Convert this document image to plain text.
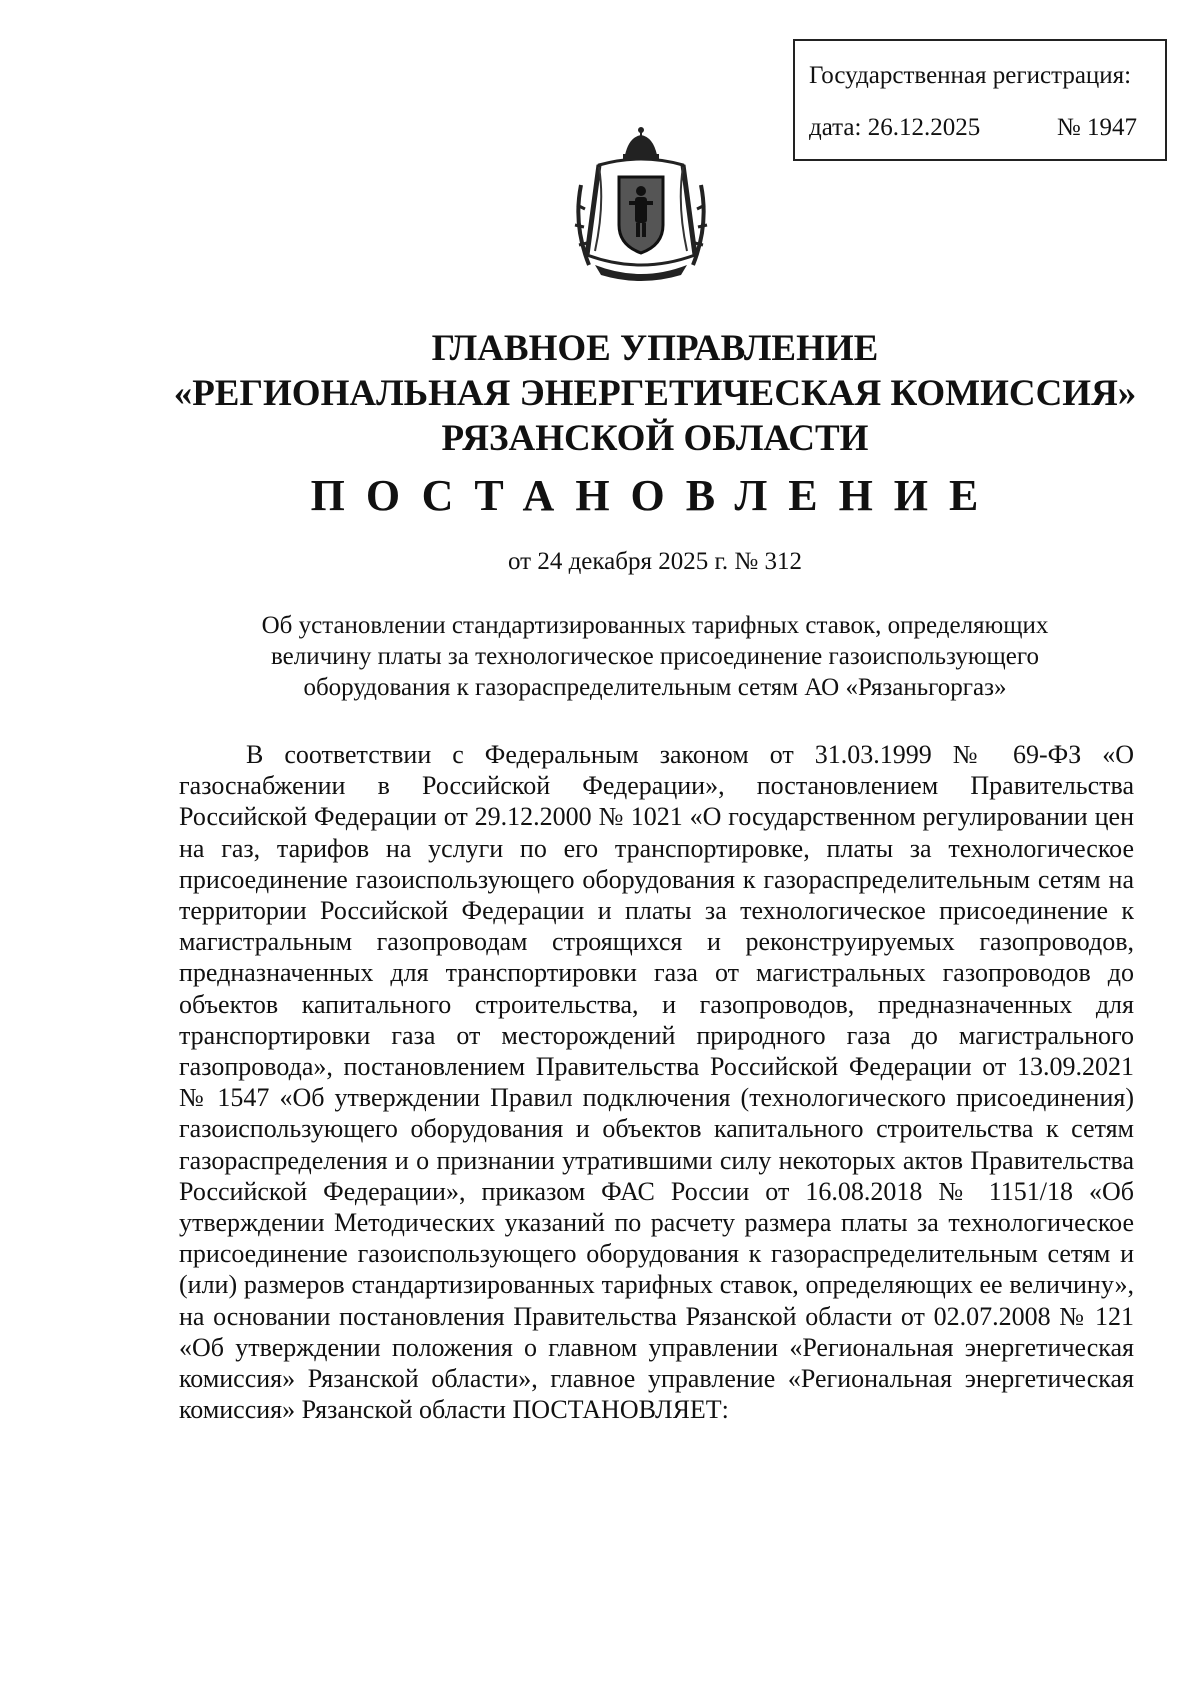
Государственная регистрация:
дата: 26.12.2025	№ 1947
ГЛАВНОЕ УПРАВЛЕНИЕ
«РЕГИОНАЛЬНАЯ ЭНЕРГЕТИЧЕСКАЯ КОМИССИЯ»
РЯЗАНСКОЙ ОБЛАСТИ
ПОСТАНОВЛЕНИЕ
от 24 декабря 2025 г. № 312
Об установлении стандартизированных тарифных ставок, определяющих
величину платы за технологическое присоединение газоиспользующего
оборудования к газораспределительным сетям АО «Рязаньгоргаз»

В соответствии с Федеральным законом от 31.03.1999 № 69-ФЗ «О газоснабжении в Российской Федерации», постановлением Правительства Российской Федерации от 29.12.2000 № 1021 «О государственном регулировании цен на газ, тарифов на услуги по его транспортировке, платы за технологическое присоединение газоиспользующего оборудования к газораспределительным сетям на территории Российской Федерации и платы за технологическое присоединение к магистральным газопроводам строящихся и реконструируемых газопроводов, предназначенных для транспортировки газа от магистральных газопроводов до объектов капитального строительства, и газопроводов, предназначенных для транспортировки газа от месторождений природного газа до магистрального газопровода», постановлением Правительства Российской Федерации от 13.09.2021 № 1547 «Об утверждении Правил подключения (технологического присоединения) газоиспользующего оборудования и объектов капитального строительства к сетям газораспределения и о признании утратившими силу некоторых актов Правительства Российской Федерации», приказом ФАС России от 16.08.2018 № 1151/18 «Об утверждении Методических указаний по расчету размера платы за технологическое присоединение газоиспользующего оборудования к газораспределительным сетям и (или) размеров стандартизированных тарифных ставок, определяющих ее величину», на основании постановления Правительства Рязанской области от 02.07.2008 № 121 «Об утверждении положения о главном управлении «Региональная энергетическая комиссия» Рязанской области», главное управление «Региональная энергетическая комиссия» Рязанской области ПОСТАНОВЛЯЕТ:
